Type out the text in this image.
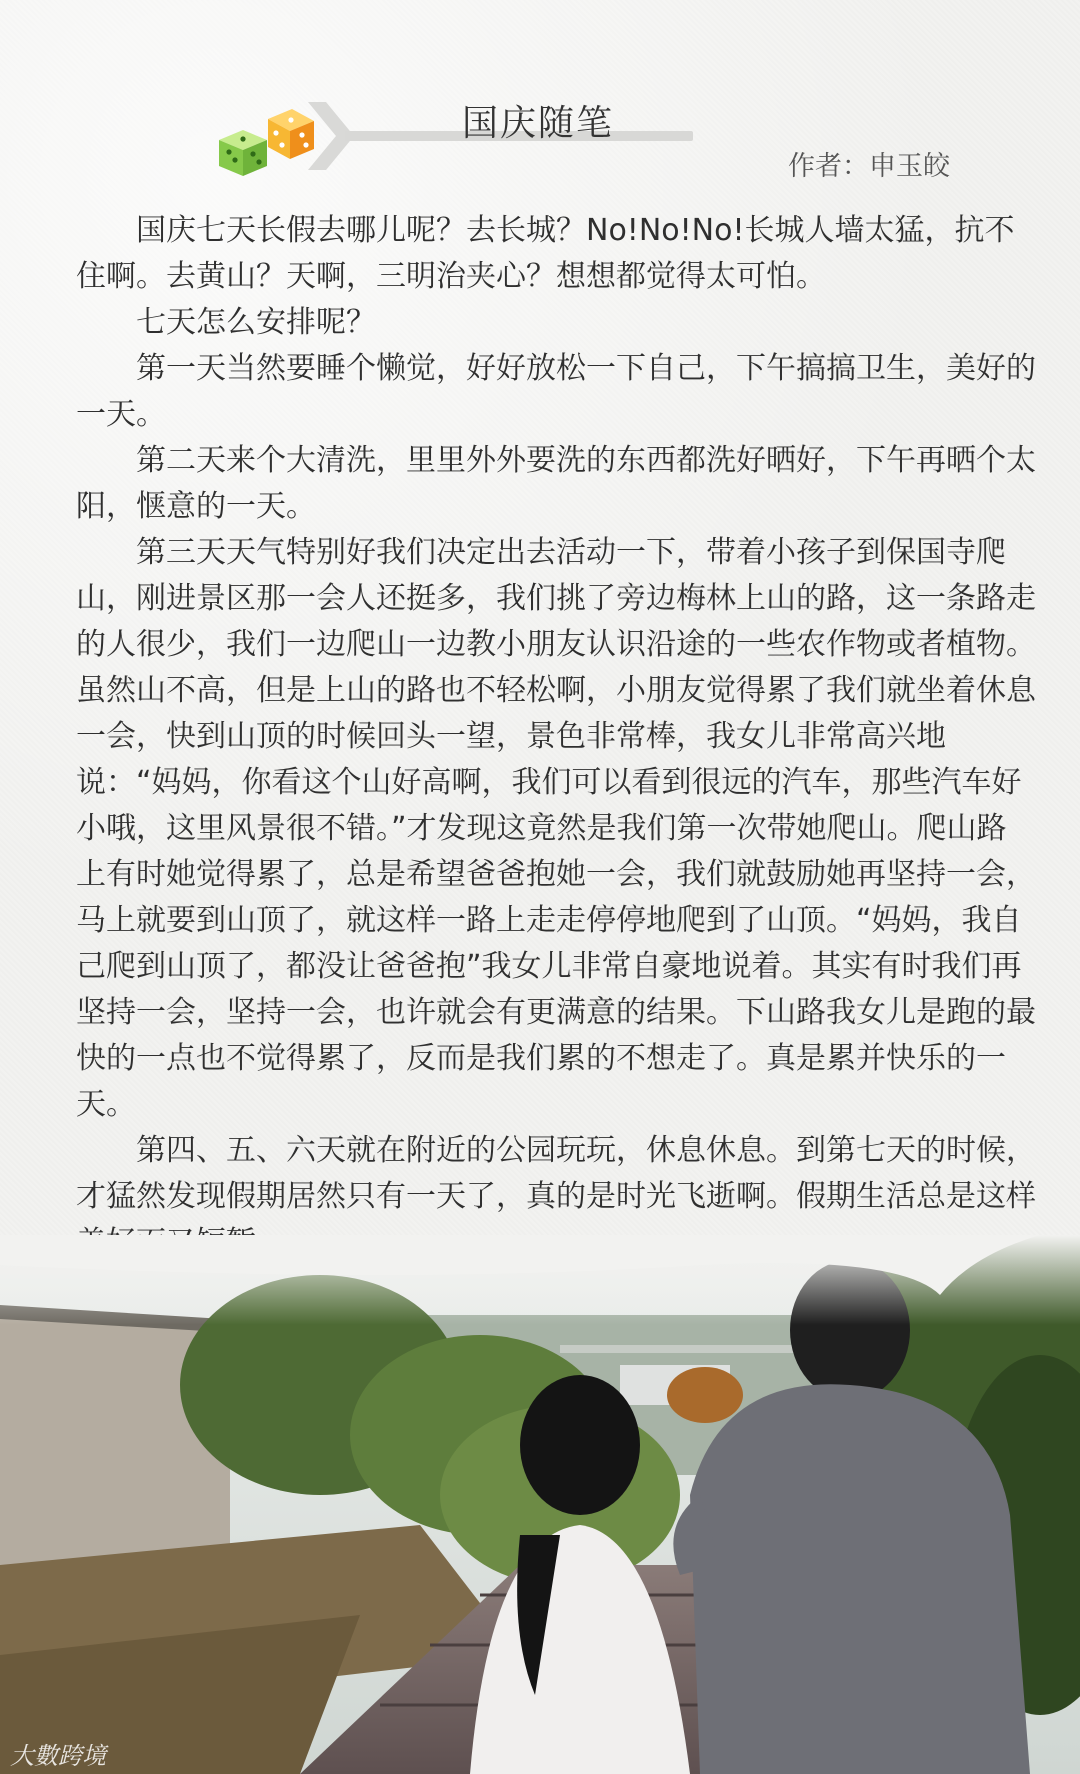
国庆随笔
作者：申玉皎

国庆七天长假去哪儿呢？去长城？No!No!No!长城人墙太猛，抗不住啊。去黄山？天啊，三明治夹心？想想都觉得太可怕。

七天怎么安排呢？

第一天当然要睡个懒觉，好好放松一下自己，下午搞搞卫生，美好的一天。

第二天来个大清洗，里里外外要洗的东西都洗好晒好，下午再晒个太阳，惬意的一天。

第三天天气特别好我们决定出去活动一下，带着小孩子到保国寺爬山，刚进景区那一会人还挺多，我们挑了旁边梅林上山的路，这一条路走的人很少，我们一边爬山一边教小朋友认识沿途的一些农作物或者植物。虽然山不高，但是上山的路也不轻松啊，小朋友觉得累了我们就坐着休息一会，快到山顶的时候回头一望，景色非常棒，我女儿非常高兴地说：“妈妈，你看这个山好高啊，我们可以看到很远的汽车，那些汽车好小哦，这里风景很不错。”才发现这竟然是我们第一次带她爬山。爬山路上有时她觉得累了，总是希望爸爸抱她一会，我们就鼓励她再坚持一会，马上就要到山顶了，就这样一路上走走停停地爬到了山顶。“妈妈，我自己爬到山顶了，都没让爸爸抱”我女儿非常自豪地说着。其实有时我们再坚持一会，坚持一会，也许就会有更满意的结果。下山路我女儿是跑的最快的一点也不觉得累了，反而是我们累的不想走了。真是累并快乐的一天。

第四、五、六天就在附近的公园玩玩，休息休息。到第七天的时候，才猛然发现假期居然只有一天了，真的是时光飞逝啊。假期生活总是这样

大數跨境
